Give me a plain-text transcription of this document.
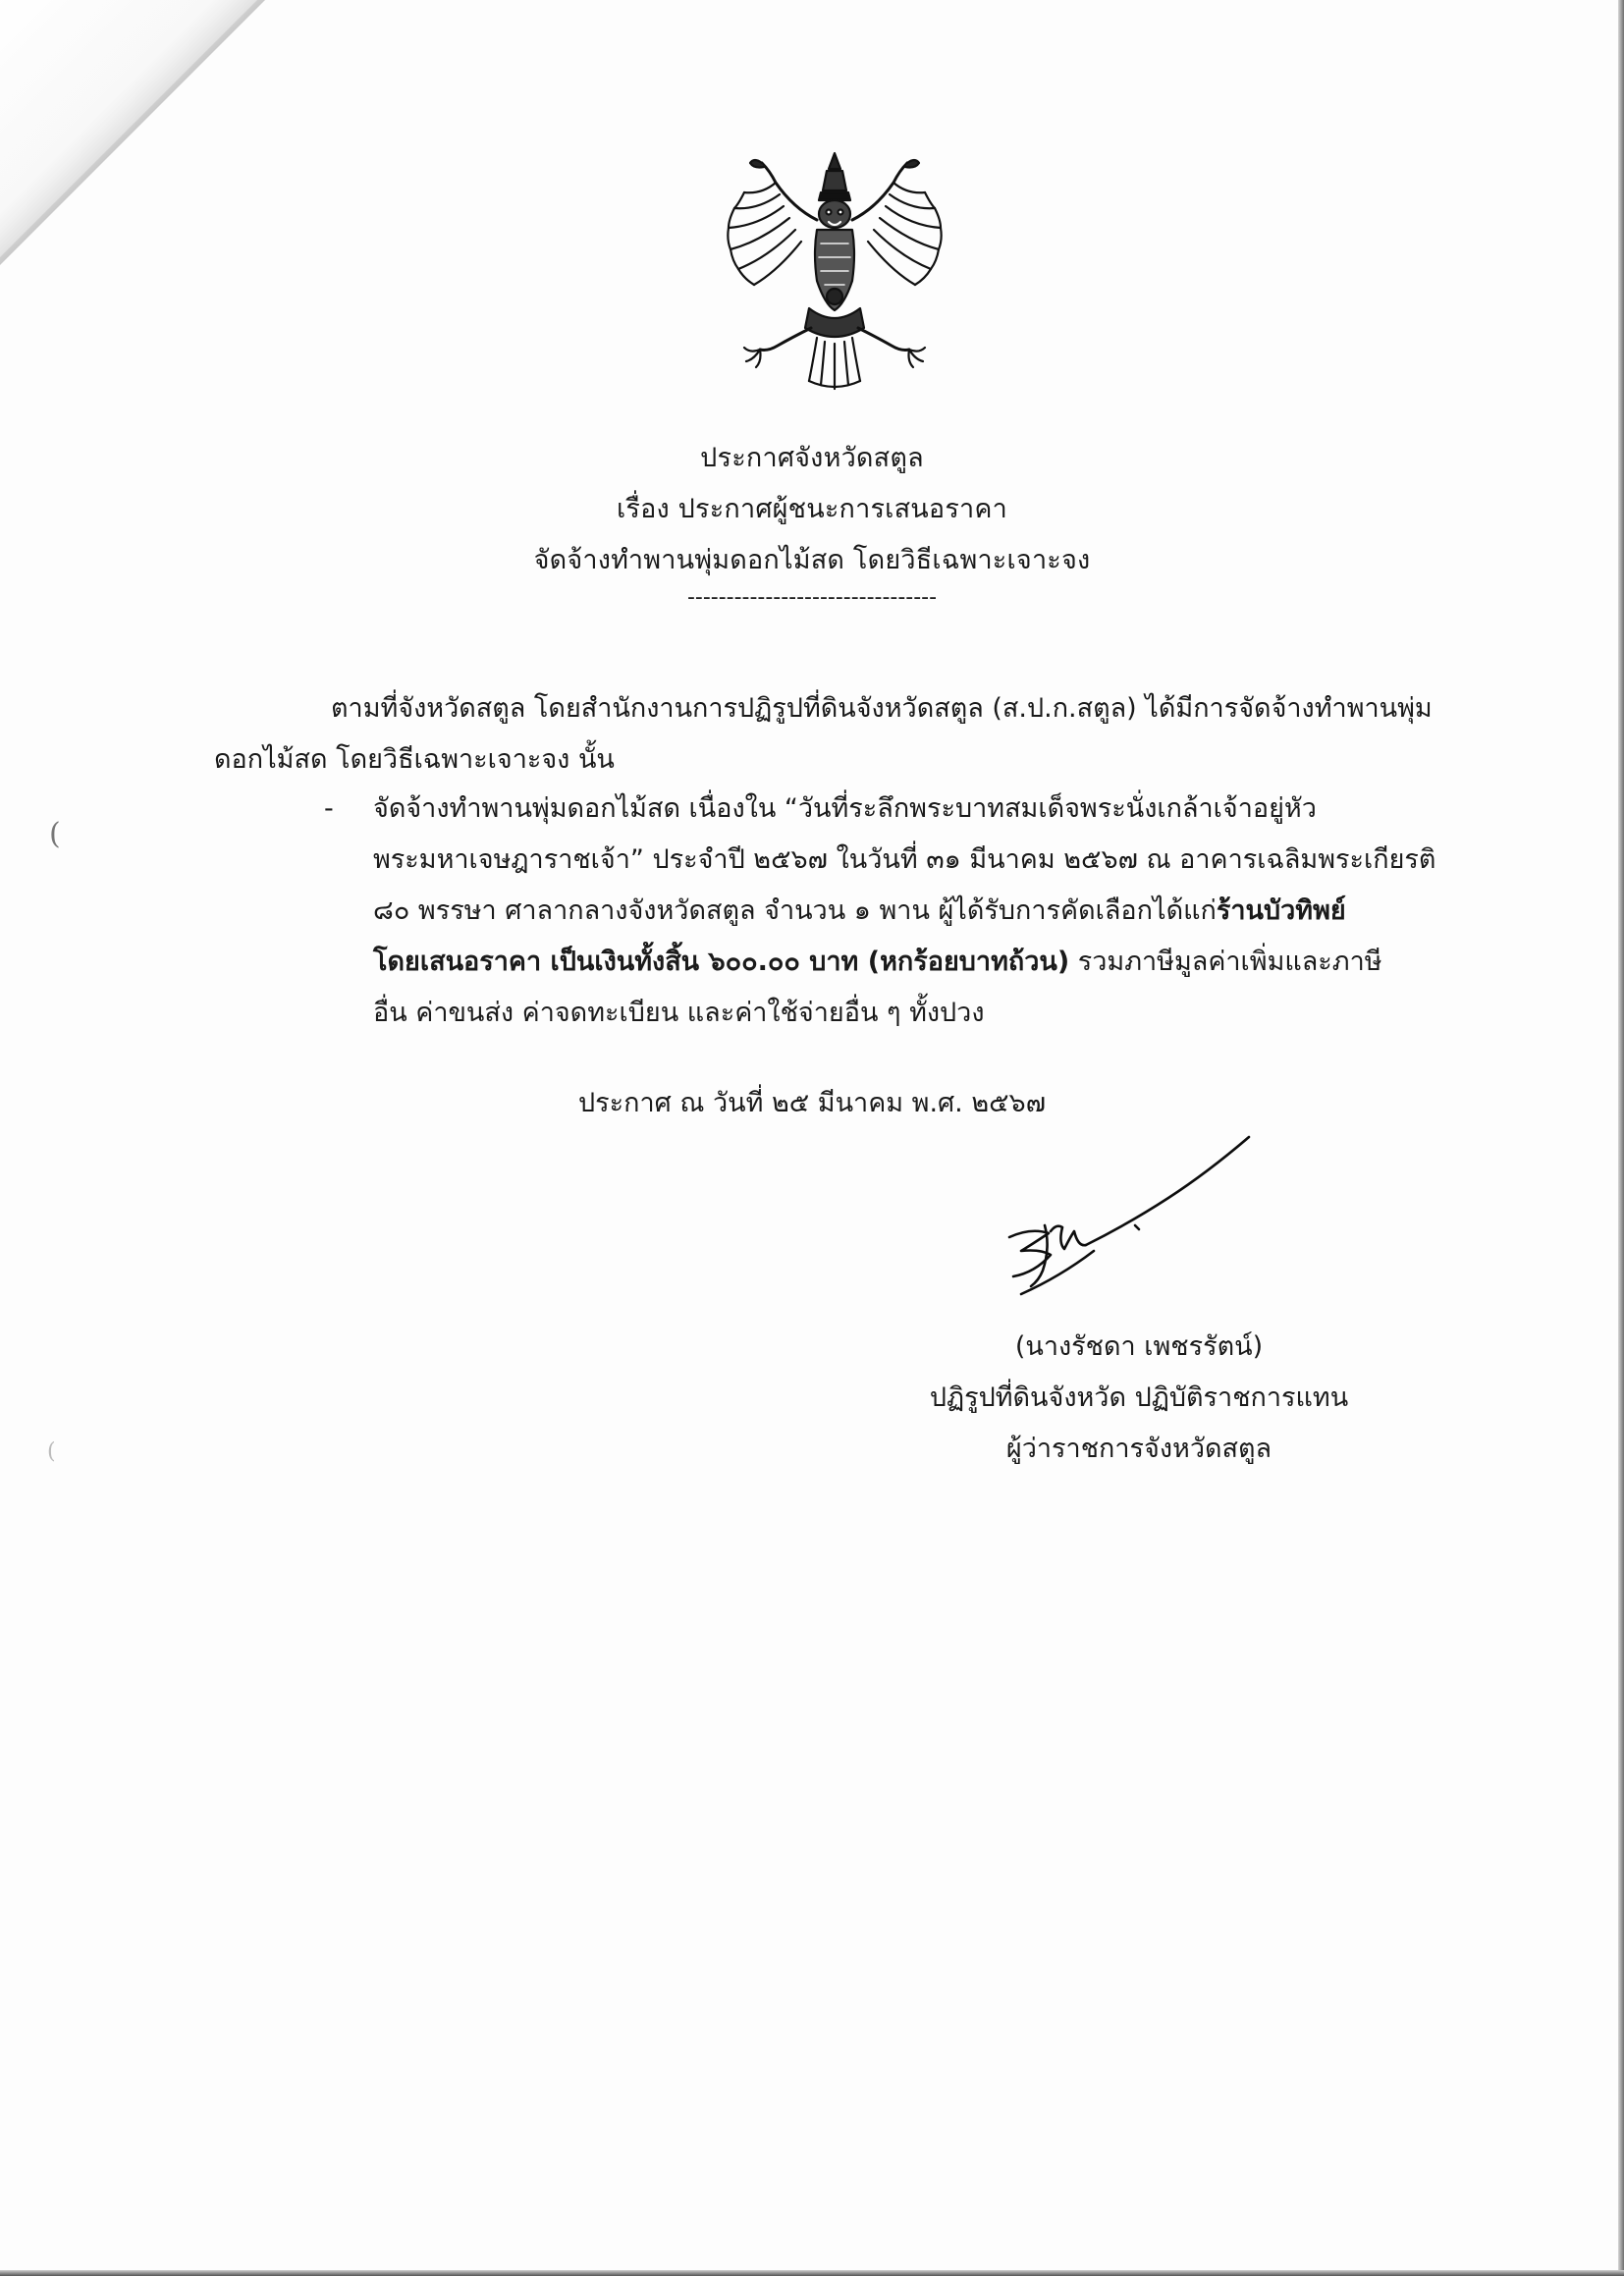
ประกาศจังหวัดสตูล
เรื่อง ประกาศผู้ชนะการเสนอราคา
จัดจ้างทำพานพุ่มดอกไม้สด โดยวิธีเฉพาะเจาะจง
--------------------------------
ตามที่จังหวัดสตูล โดยสำนักงานการปฏิรูปที่ดินจังหวัดสตูล (ส.ป.ก.สตูล) ได้มีการจัดจ้างทำพานพุ่ม
ดอกไม้สด โดยวิธีเฉพาะเจาะจง นั้น
- จัดจ้างทำพานพุ่มดอกไม้สด เนื่องใน “วันที่ระลึกพระบาทสมเด็จพระนั่งเกล้าเจ้าอยู่หัว
พระมหาเจษฎาราชเจ้า” ประจำปี ๒๕๖๗ ในวันที่ ๓๑ มีนาคม ๒๕๖๗ ณ อาคารเฉลิมพระเกียรติ
๘๐ พรรษา ศาลากลางจังหวัดสตูล จำนวน ๑ พาน ผู้ได้รับการคัดเลือกได้แก่ร้านบัวทิพย์
โดยเสนอราคา เป็นเงินทั้งสิ้น ๖๐๐.๐๐ บาท (หกร้อยบาทถ้วน) รวมภาษีมูลค่าเพิ่มและภาษี
อื่น ค่าขนส่ง ค่าจดทะเบียน และค่าใช้จ่ายอื่น ๆ ทั้งปวง
ประกาศ ณ วันที่ ๒๕ มีนาคม พ.ศ. ๒๕๖๗
(นางรัชดา เพชรรัตน์)
ปฏิรูปที่ดินจังหวัด ปฏิบัติราชการแทน
ผู้ว่าราชการจังหวัดสตูล
(
(
